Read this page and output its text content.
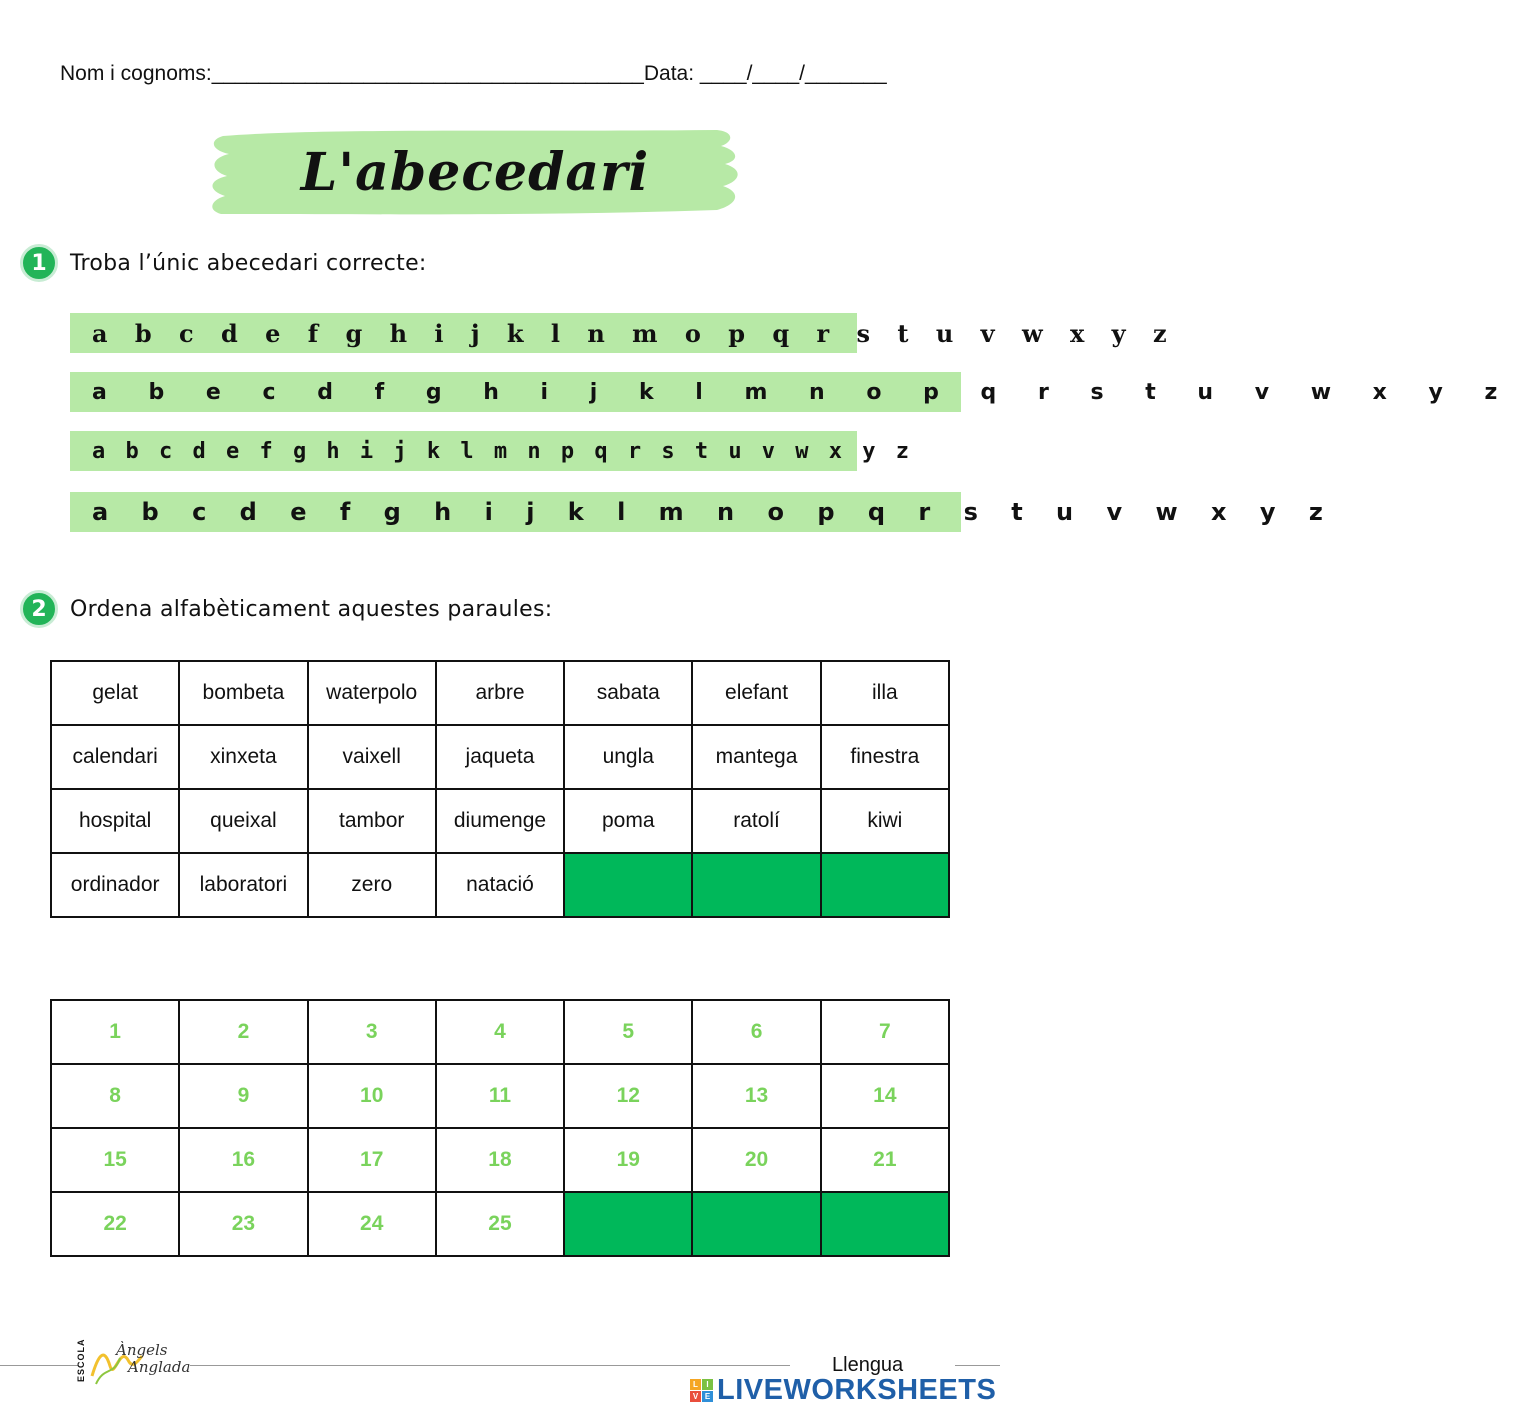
Nom i cognoms:_____________________________________Data: ____/____/_______
L'abecedari
1	Troba l’únic abecedari correcte:
a b c d e f g h i j k l n m o p q r s t u v w x y z
a b e c d f g h i j k l m n o p q r s t u v w x y z
a b c d e f g h i j k l m n p q r s t u v w x y z
a b c d e f g h i j k l m n o p q r s t u v w x y z
2	Ordena alfabèticament aquestes paraules:
gelat	bombeta	waterpolo	arbre	sabata	elefant	illa
calendari	xinxeta	vaixell	jaqueta	ungla	mantega	finestra
hospital	queixal	tambor	diumenge	poma	ratolí	kiwi
ordinador	laboratori	zero	natació			
1	2	3	4	5	6	7
8	9	10	11	12	13	14
15	16	17	18	19	20	21
22	23	24	25			
ESCOLA Àngels
Anglada	Llengua
L	I
V E LIVEWORKSHEETS
